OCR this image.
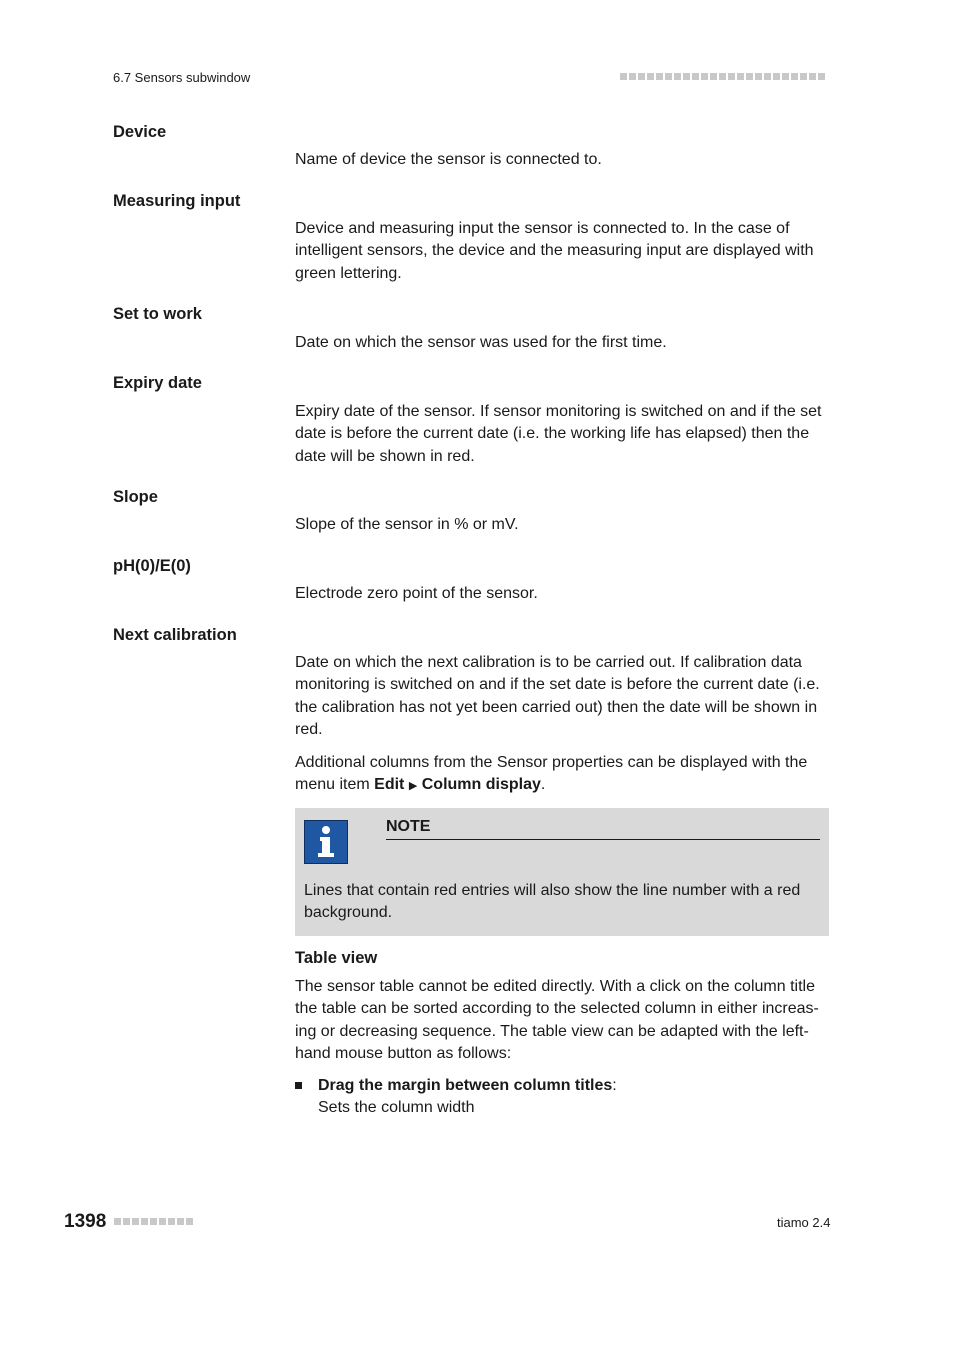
6.7 Sensors subwindow
Device
Name of device the sensor is connected to.
Measuring input
Device and measuring input the sensor is connected to. In the case of intelligent sensors, the device and the measuring input are displayed with green lettering.
Set to work
Date on which the sensor was used for the first time.
Expiry date
Expiry date of the sensor. If sensor monitoring is switched on and if the set date is before the current date (i.e. the working life has elapsed) then the date will be shown in red.
Slope
Slope of the sensor in % or mV.
pH(0)/E(0)
Electrode zero point of the sensor.
Next calibration
Date on which the next calibration is to be carried out. If calibration data monitoring is switched on and if the set date is before the current date (i.e. the calibration has not yet been carried out) then the date will be shown in red.
Additional columns from the Sensor properties can be displayed with the menu item Edit ▶ Column display.
NOTE
Lines that contain red entries will also show the line number with a red background.
Table view
The sensor table cannot be edited directly. With a click on the column title the table can be sorted according to the selected column in either increasing or decreasing sequence. The table view can be adapted with the left-hand mouse button as follows:
Drag the margin between column titles:
Sets the column width
1398	tiamo 2.4
